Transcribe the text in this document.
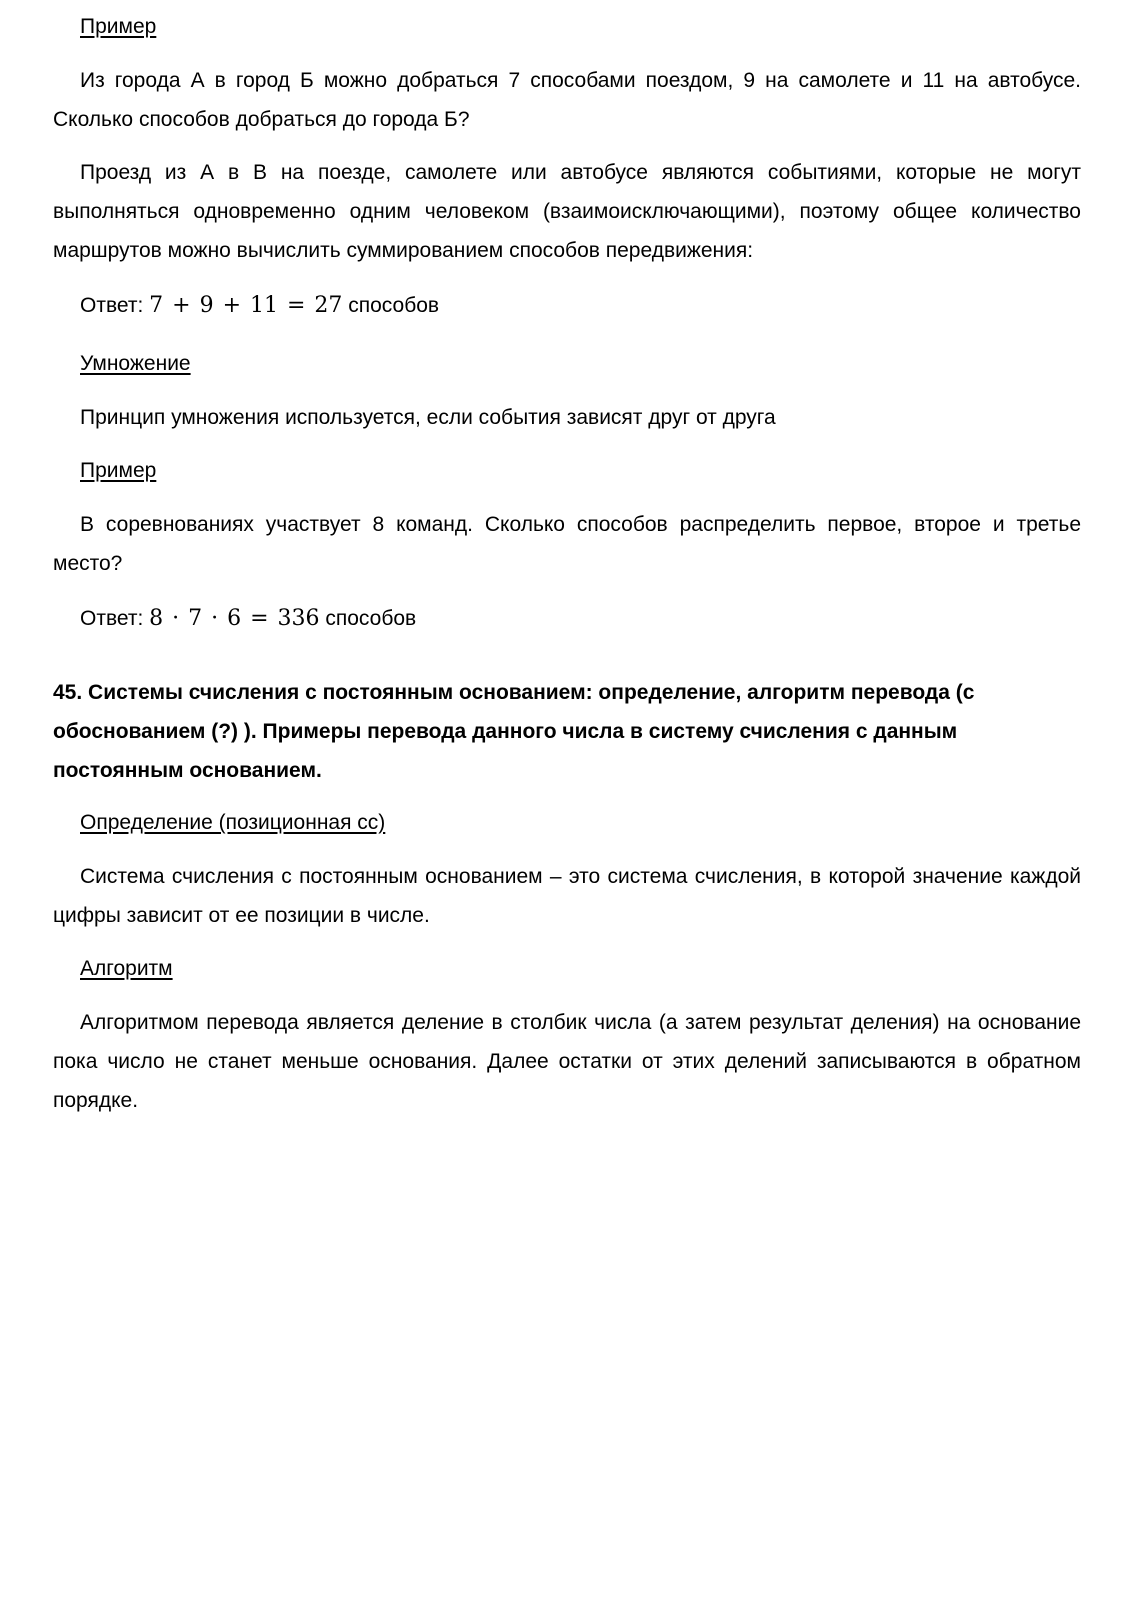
Пример

Из города А в город Б можно добраться 7 способами поездом, 9 на самолете и 11 на автобусе. Сколько способов добраться до города Б?

Проезд из А в В на поезде, самолете или автобусе являются событиями, которые не могут выполняться одновременно одним человеком (взаимоисключающими), поэтому общее количество маршрутов можно вычислить суммированием способов передвижения:

Ответ: 7 + 9 + 11 = 27 способов
Умножение
Принцип умножения используется, если события зависят друг от друга
Пример

В соревнованиях участвует 8 команд. Сколько способов распределить первое, второе и третье место?

Ответ: 8 · 7 · 6 = 336 способов

45. Системы счисления с постоянным основанием: определение, алгоритм перевода (с обоснованием (?) ). Примеры перевода данного числа в систему счисления с данным постоянным основанием.

Определение (позиционная сс)

Система счисления с постоянным основанием – это система счисления, в которой значение каждой цифры зависит от ее позиции в числе.

Алгоритм

Алгоритмом перевода является деление в столбик числа (а затем результат деления) на основание пока число не станет меньше основания. Далее остатки от этих делений записываются в обратном порядке.
